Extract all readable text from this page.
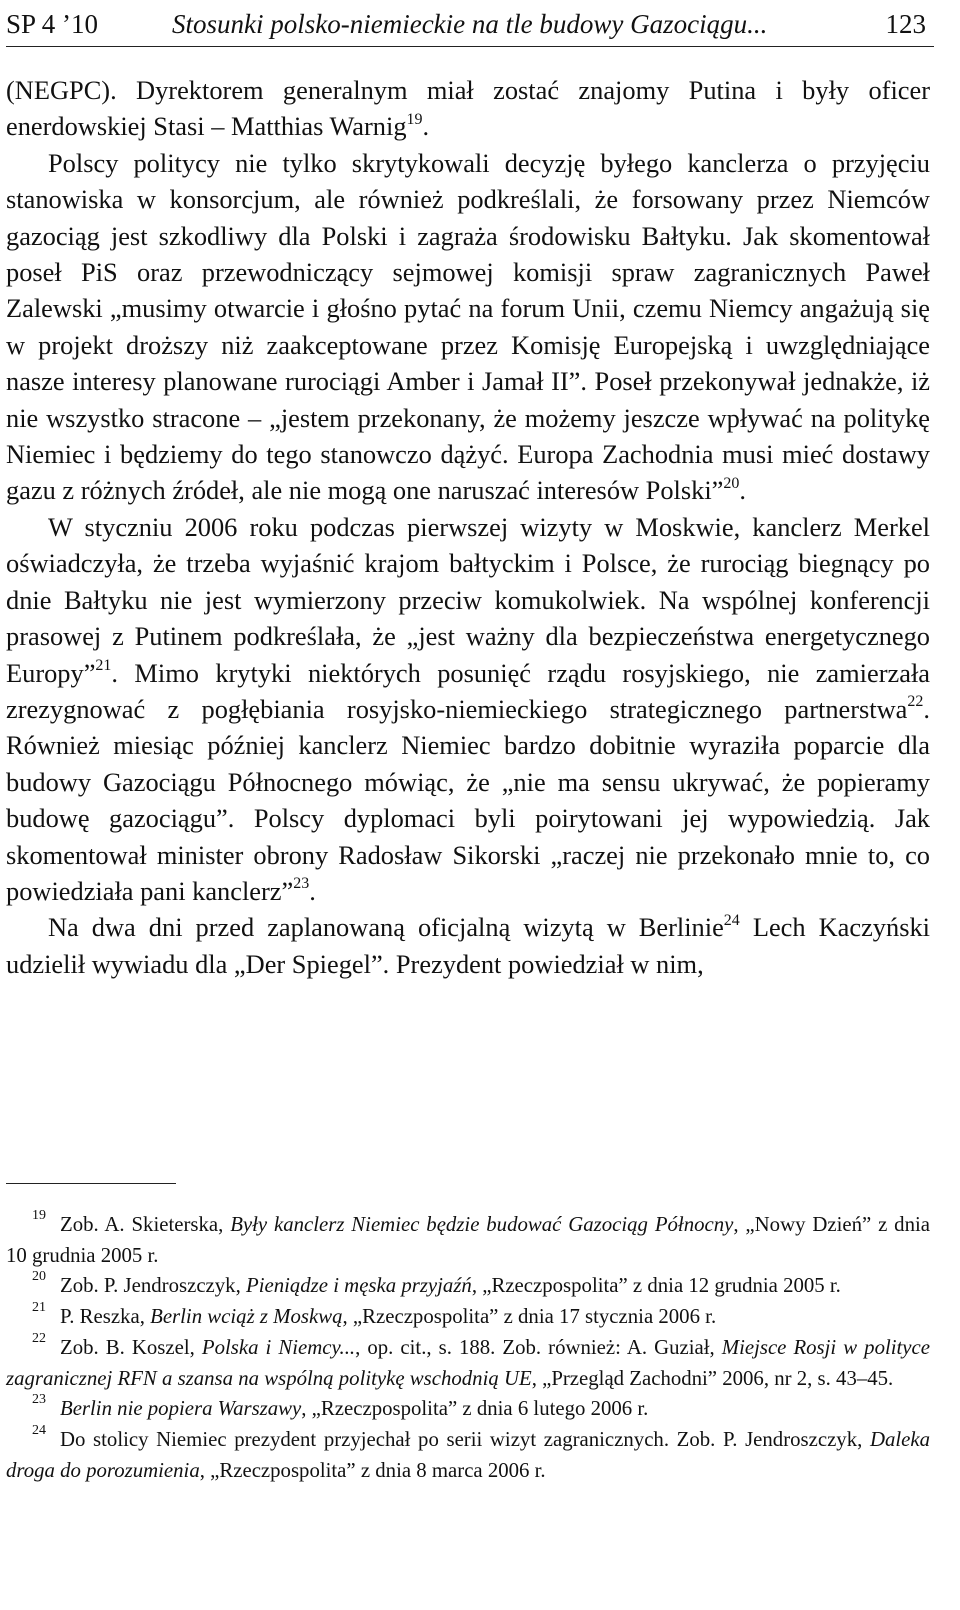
SP 4 ’10	Stosunki polsko-niemieckie na tle budowy Gazociągu...	123

(NEGPC). Dyrektorem generalnym miał zostać znajomy Putina i były oficer enerdowskiej Stasi – Matthias Warnig$^{19}$.

Polscy politycy nie tylko skrytykowali decyzję byłego kanclerza o przyjęciu stanowiska w konsorcjum, ale również podkreślali, że forsowany przez Niemców gazociąg jest szkodliwy dla Polski i zagraża środowisku Bałtyku. Jak skomentował poseł PiS oraz przewodniczący sejmowej komisji spraw zagranicznych Paweł Zalewski „musimy otwarcie i głośno pytać na forum Unii, czemu Niemcy angażują się w projekt droższy niż zaakceptowane przez Komisję Europejską i uwzględniające nasze interesy planowane rurociągi Amber i Jamał II”. Poseł przekonywał jednakże, iż nie wszystko stracone – „jestem przekonany, że możemy jeszcze wpływać na politykę Niemiec i będziemy do tego stanowczo dążyć. Europa Zachodnia musi mieć dostawy gazu z różnych źródeł, ale nie mogą one naruszać interesów Polski”$^{20}$.

W styczniu 2006 roku podczas pierwszej wizyty w Moskwie, kanclerz Merkel oświadczyła, że trzeba wyjaśnić krajom bałtyckim i Polsce, że rurociąg biegnący po dnie Bałtyku nie jest wymierzony przeciw komukolwiek. Na wspólnej konferencji prasowej z Putinem podkreślała, że „jest ważny dla bezpieczeństwa energetycznego Europy”$^{21}$. Mimo krytyki niektórych posunięć rządu rosyjskiego, nie zamierzała zrezygnować z pogłębiania rosyjsko-niemieckiego strategicznego partnerstwa$^{22}$. Również miesiąc później kanclerz Niemiec bardzo dobitnie wyraziła poparcie dla budowy Gazociągu Północnego mówiąc, że „nie ma sensu ukrywać, że popieramy budowę gazociągu”. Polscy dyplomaci byli poirytowani jej wypowiedzią. Jak skomentował minister obrony Radosław Sikorski „raczej nie przekonało mnie to, co powiedziała pani kanclerz”$^{23}$.

Na dwa dni przed zaplanowaną oficjalną wizytą w Berlinie$^{24}$ Lech Kaczyński udzielił wywiadu dla „Der Spiegel”. Prezydent powiedział w nim,

$^{19}$ Zob. A. Skieterska, Były kanclerz Niemiec będzie budować Gazociąg Północny, „Nowy Dzień” z dnia 10 grudnia 2005 r.

$^{20}$ Zob. P. Jendroszczyk, Pieniądze i męska przyjaźń, „Rzeczpospolita” z dnia 12 grudnia 2005 r.

$^{21}$ P. Reszka, Berlin wciąż z Moskwą, „Rzeczpospolita” z dnia 17 stycznia 2006 r.

$^{22}$ Zob. B. Koszel, Polska i Niemcy..., op. cit., s. 188. Zob. również: A. Guział, Miejsce Rosji w polityce zagranicznej RFN a szansa na wspólną politykę wschodnią UE, „Przegląd Zachodni” 2006, nr 2, s. 43–45.

$^{23}$ Berlin nie popiera Warszawy, „Rzeczpospolita” z dnia 6 lutego 2006 r.

$^{24}$ Do stolicy Niemiec prezydent przyjechał po serii wizyt zagranicznych. Zob. P. Jendroszczyk, Daleka droga do porozumienia, „Rzeczpospolita” z dnia 8 marca 2006 r.
